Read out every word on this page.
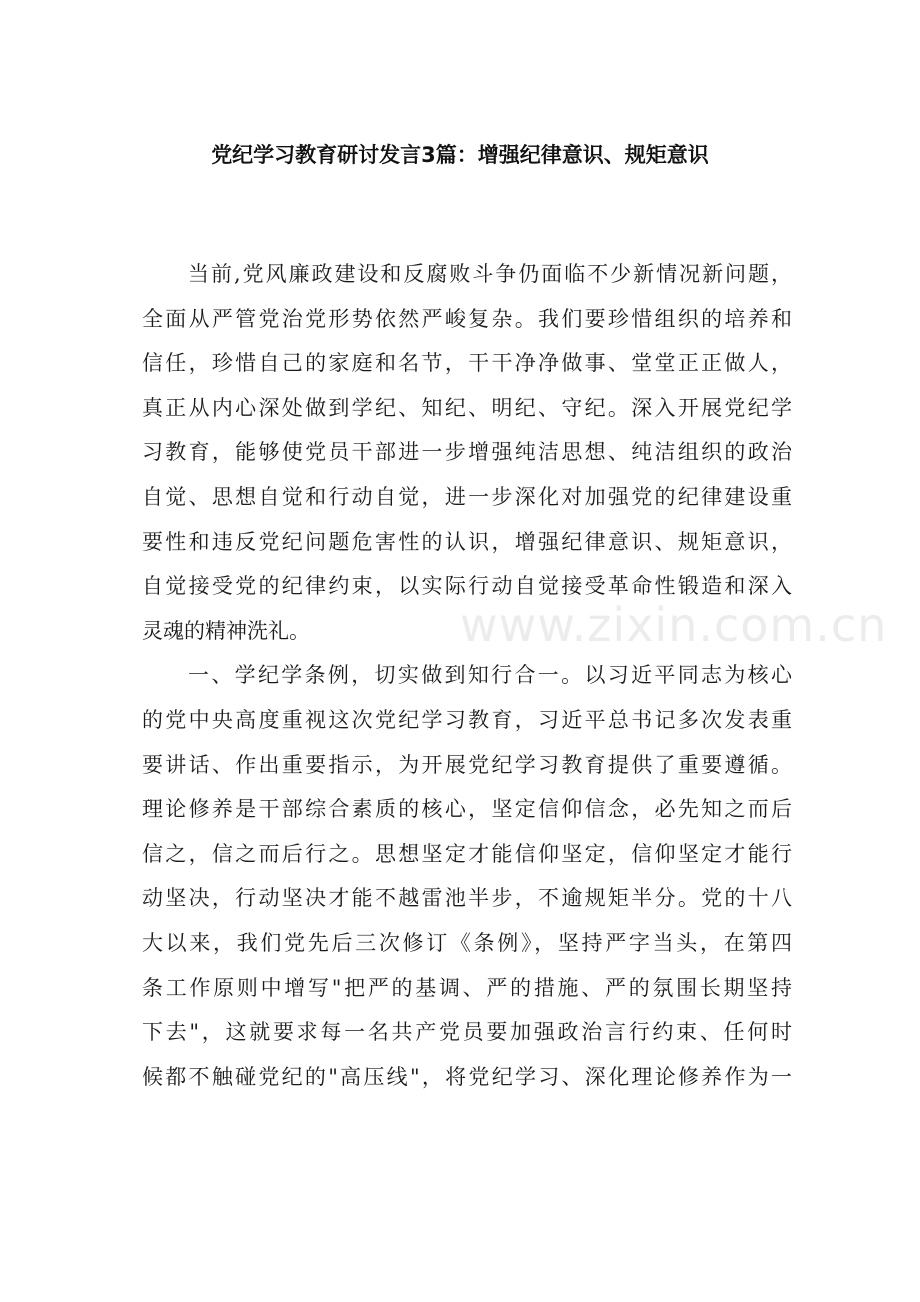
党纪学习教育研讨发言3篇：增强纪律意识、规矩意识
www.zixin.com.cn
当前,党风廉政建设和反腐败斗争仍面临不少新情况新问题，
全面从严管党治党形势依然严峻复杂。我们要珍惜组织的培养和
信任，珍惜自己的家庭和名节，干干净净做事、堂堂正正做人，
真正从内心深处做到学纪、知纪、明纪、守纪。深入开展党纪学
习教育，能够使党员干部进一步增强纯洁思想、纯洁组织的政治
自觉、思想自觉和行动自觉，进一步深化对加强党的纪律建设重
要性和违反党纪问题危害性的认识，增强纪律意识、规矩意识，
自觉接受党的纪律约束，以实际行动自觉接受革命性锻造和深入
灵魂的精神洗礼。
一、学纪学条例，切实做到知行合一。以习近平同志为核心
的党中央高度重视这次党纪学习教育，习近平总书记多次发表重
要讲话、作出重要指示，为开展党纪学习教育提供了重要遵循。
理论修养是干部综合素质的核心，坚定信仰信念，必先知之而后
信之，信之而后行之。思想坚定才能信仰坚定，信仰坚定才能行
动坚决，行动坚决才能不越雷池半步，不逾规矩半分。党的十八
大以来，我们党先后三次修订《条例》，坚持严字当头，在第四
条工作原则中增写"把严的基调、严的措施、严的氛围长期坚持
下去"，这就要求每一名共产党员要加强政治言行约束、任何时
候都不触碰党纪的"高压线"，将党纪学习、深化理论修养作为一
